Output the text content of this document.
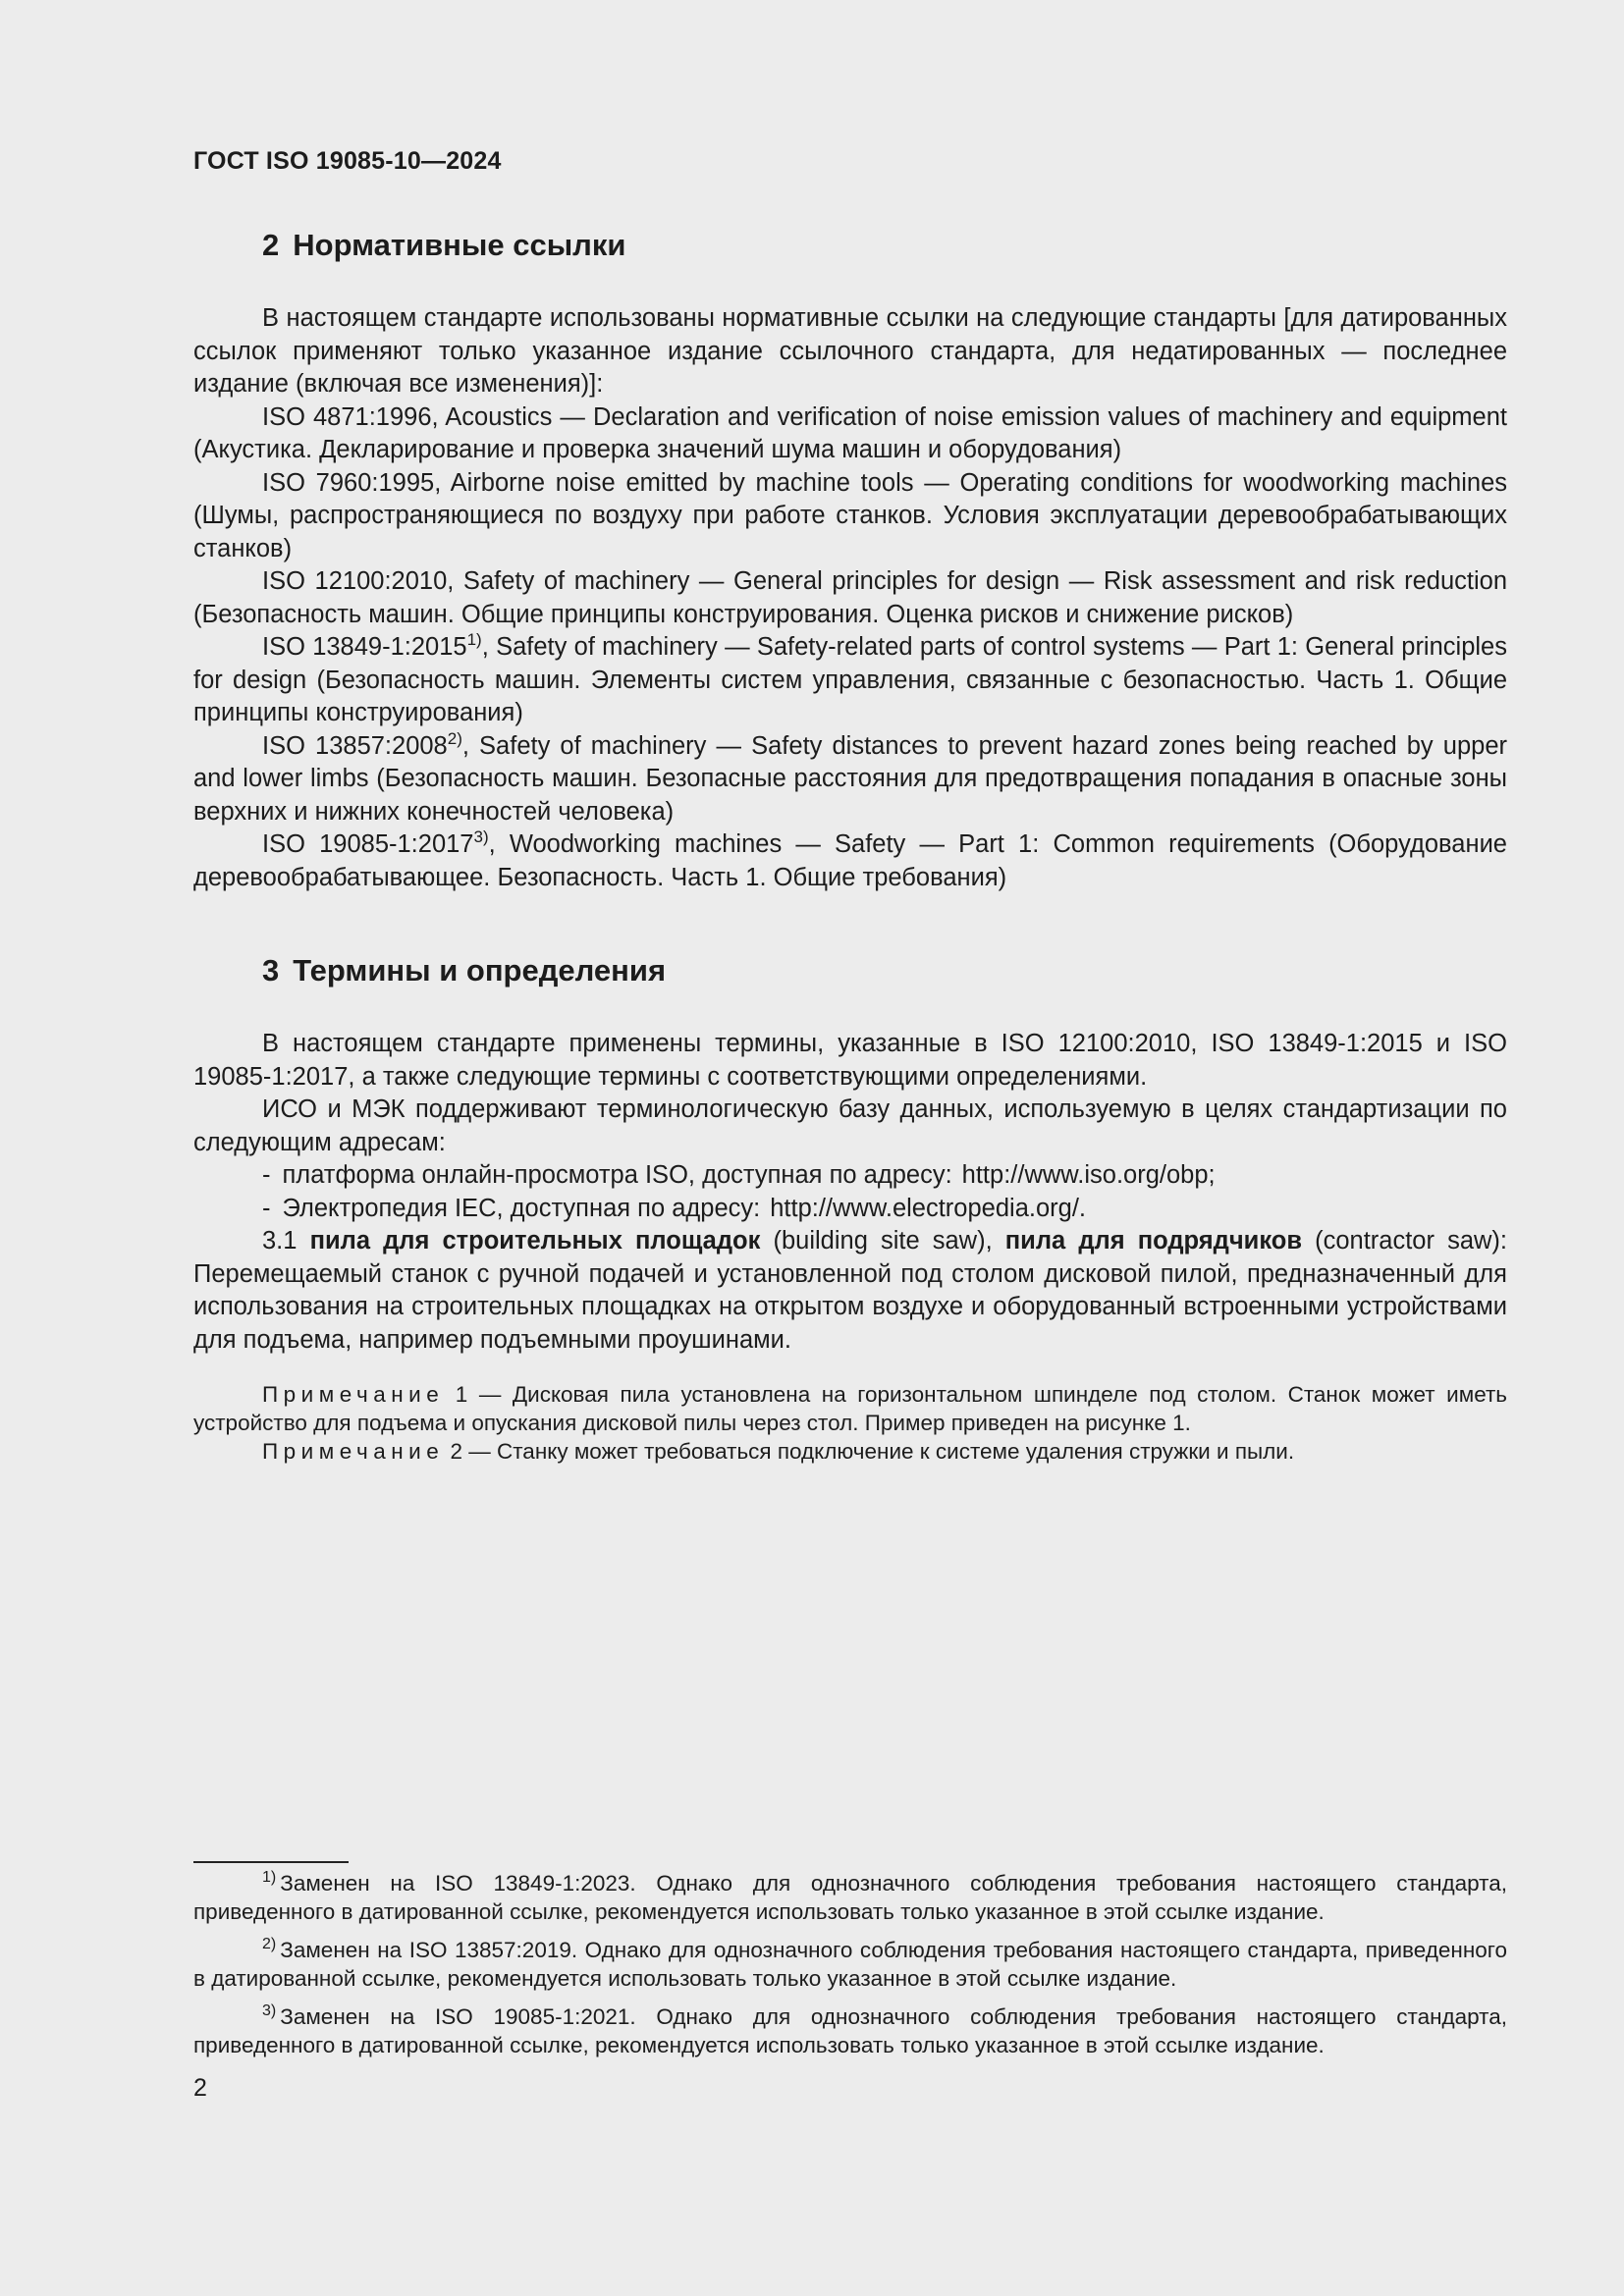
ГОСТ ISO 19085-10—2024
2 Нормативные ссылки

В настоящем стандарте использованы нормативные ссылки на следующие стандарты [для датированных ссылок применяют только указанное издание ссылочного стандарта, для недатированных — последнее издание (включая все изменения)]:

ISO 4871:1996, Acoustics — Declaration and verification of noise emission values of machinery and equipment (Акустика. Декларирование и проверка значений шума машин и оборудования)

ISO 7960:1995, Airborne noise emitted by machine tools — Operating conditions for woodworking machines (Шумы, распространяющиеся по воздуху при работе станков. Условия эксплуатации деревообрабатывающих станков)

ISO 12100:2010, Safety of machinery — General principles for design — Risk assessment and risk reduction (Безопасность машин. Общие принципы конструирования. Оценка рисков и снижение рисков)

ISO 13849-1:2015$^{1)}$, Safety of machinery — Safety-related parts of control systems — Part 1: General principles for design (Безопасность машин. Элементы систем управления, связанные с безопасностью. Часть 1. Общие принципы конструирования)

ISO 13857:2008$^{2)}$, Safety of machinery — Safety distances to prevent hazard zones being reached by upper and lower limbs (Безопасность машин. Безопасные расстояния для предотвращения попадания в опасные зоны верхних и нижних конечностей человека)

ISO 19085-1:2017$^{3)}$, Woodworking machines — Safety — Part 1: Common requirements (Оборудование деревообрабатывающее. Безопасность. Часть 1. Общие требования)

3 Термины и определения

В настоящем стандарте применены термины, указанные в ISO 12100:2010, ISO 13849-1:2015 и ISO 19085-1:2017, а также следующие термины с соответствующими определениями.

ИСО и МЭК поддерживают терминологическую базу данных, используемую в целях стандартизации по следующим адресам:

- платформа онлайн-просмотра ISO, доступная по адресу: http://www.iso.org/obp;
- Электропедия IEC, доступная по адресу: http://www.electropedia.org/.

3.1 пила для строительных площадок (building site saw), пила для подрядчиков (contractor saw): Перемещаемый станок с ручной подачей и установленной под столом дисковой пилой, предназначенный для использования на строительных площадках на открытом воздухе и оборудованный встроенными устройствами для подъема, например подъемными проушинами.

Примечание 1 — Дисковая пила установлена на горизонтальном шпинделе под столом. Станок может иметь устройство для подъема и опускания дисковой пилы через стол. Пример приведен на рисунке 1.

Примечание 2 — Станку может требоваться подключение к системе удаления стружки и пыли.

$^{1)}$ Заменен на ISO 13849-1:2023. Однако для однозначного соблюдения требования настоящего стандарта, приведенного в датированной ссылке, рекомендуется использовать только указанное в этой ссылке издание.

$^{2)}$ Заменен на ISO 13857:2019. Однако для однозначного соблюдения требования настоящего стандарта, приведенного в датированной ссылке, рекомендуется использовать только указанное в этой ссылке издание.

$^{3)}$ Заменен на ISO 19085-1:2021. Однако для однозначного соблюдения требования настоящего стандарта, приведенного в датированной ссылке, рекомендуется использовать только указанное в этой ссылке издание.

2
